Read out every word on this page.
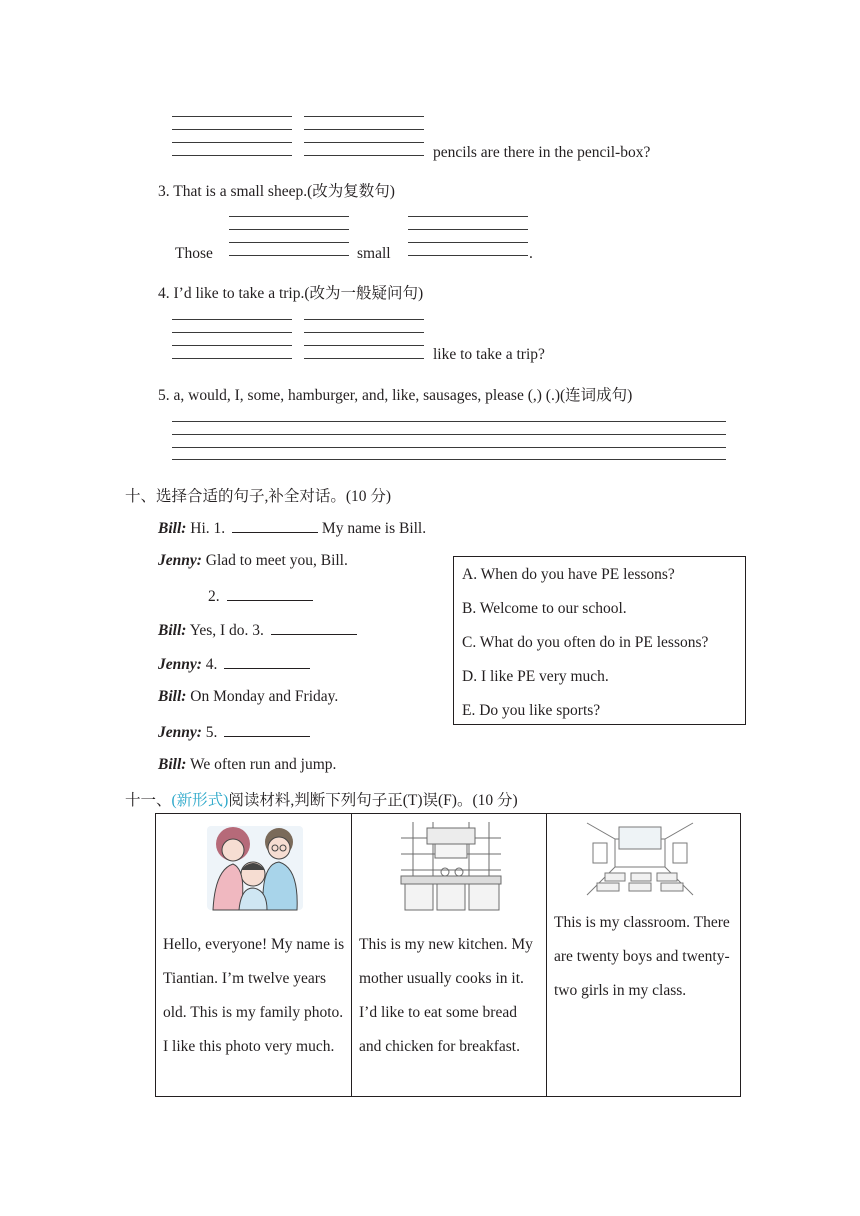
pencils are there in the pencil-box?
3. That is a small sheep.(改为复数句)
Those	small	.
4. I’d like to take a trip.(改为一般疑问句)
like to take a trip?
5. a, would, I, some, hamburger, and, like, sausages, please (,) (.)(连词成句)
十、选择合适的句子,补全对话。(10 分)
Bill: Hi. 1.	My name is Bill.
Jenny: Glad to meet you, Bill.
2.
Bill: Yes, I do. 3.
Jenny: 4.
Bill: On Monday and Friday.
Jenny: 5.
Bill: We often run and jump.
A. When do you have PE lessons?
B. Welcome to our school.
C. What do you often do in PE lessons?
D. I like PE very much.
E. Do you like sports?
十一、(新形式)阅读材料,判断下列句子正(T)误(F)。(10 分)
Hello, everyone! My name is Tiantian. I’m twelve years old. This is my family photo. I like this photo very much.
This is my new kitchen. My mother usually cooks in it. I’d like to eat some bread and chicken for breakfast.
This is my classroom. There are twenty boys and twenty-two girls in my class.
